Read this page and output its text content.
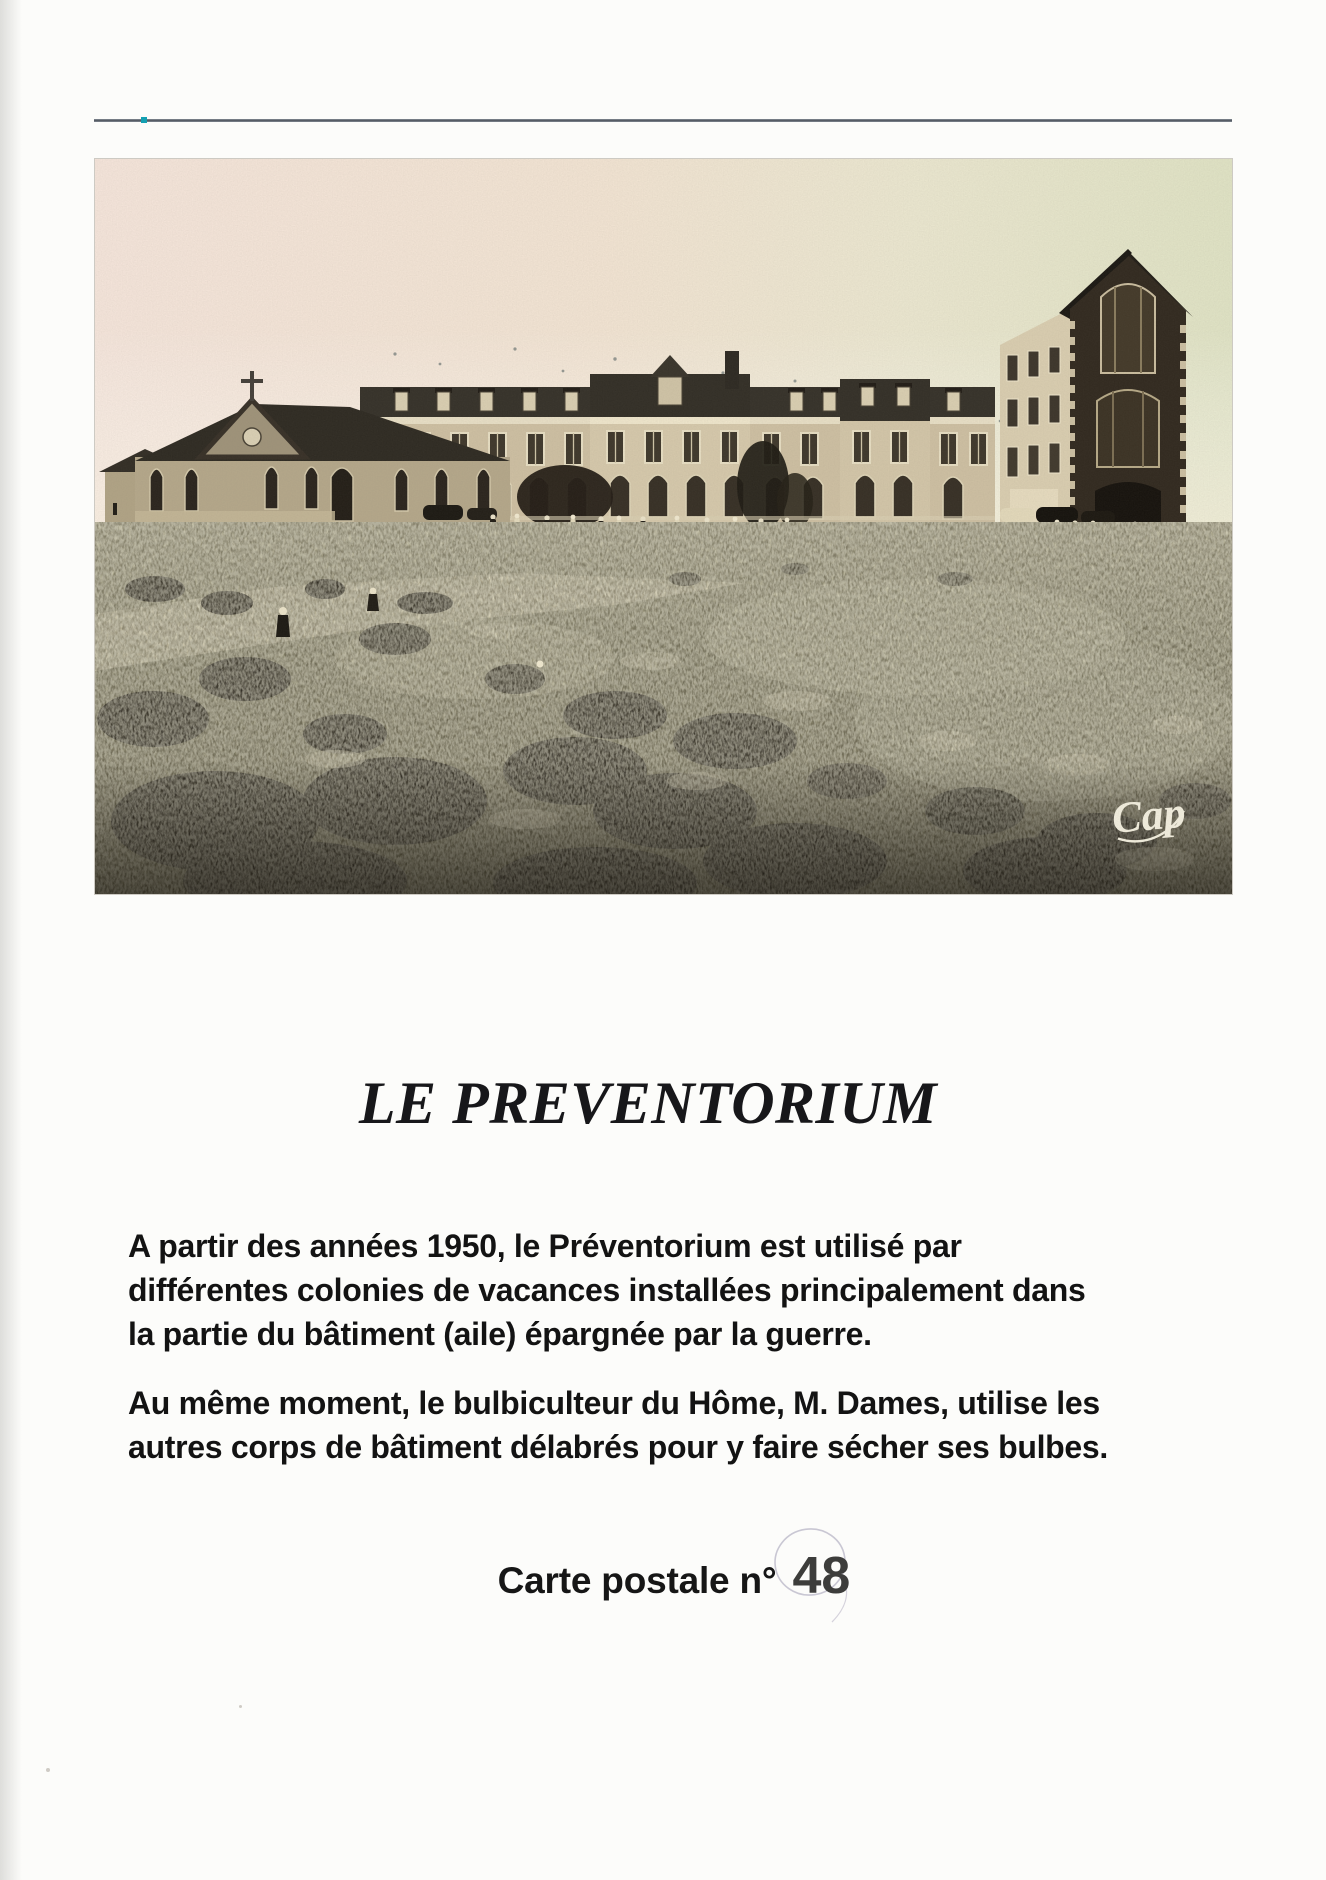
Cap
LE PREVENTORIUM
A partir des années 1950, le Préventorium est utilisé par
différentes colonies de vacances installées principalement dans
la partie du bâtiment (aile) épargnée par la guerre.
Au même moment, le bulbiculteur du Hôme, M. Dames, utilise les
autres corps de bâtiment délabrés pour y faire sécher ses bulbes.
Carte postale n° 48
